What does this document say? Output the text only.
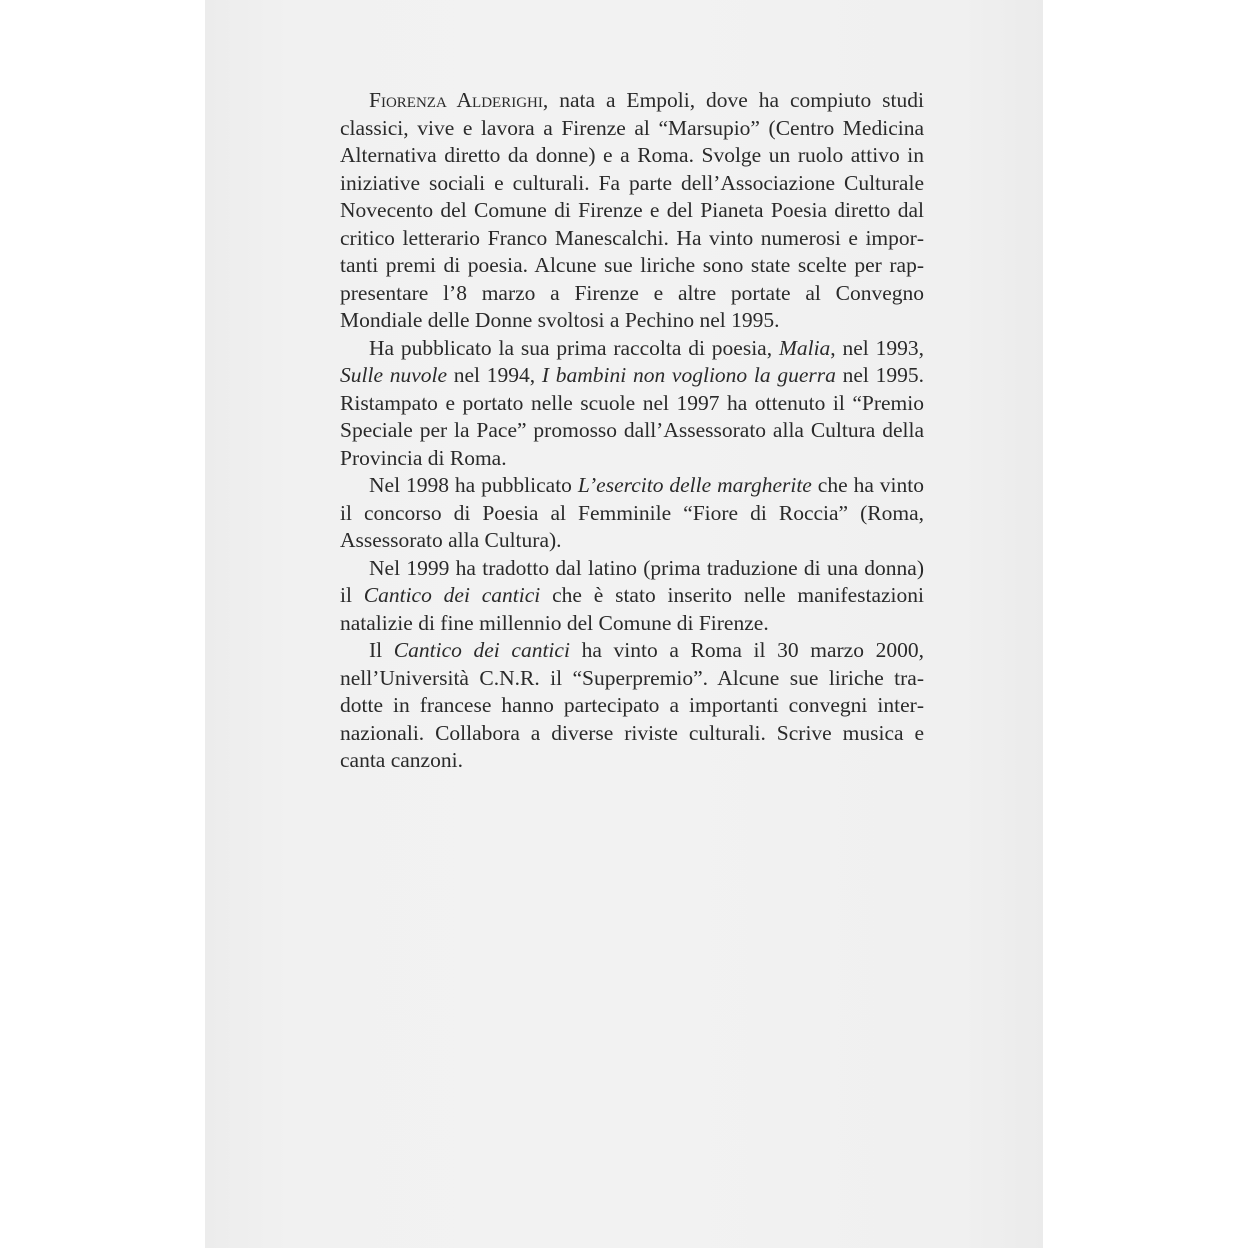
Fiorenza Alderighi, nata a Empoli, dove ha compiuto studi classici, vive e lavora a Firenze al “Marsupio” (Centro Medicina Alternativa diretto da donne) e a Roma. Svolge un ruolo attivo in iniziative sociali e culturali. Fa parte dell’Associazione Culturale Novecento del Comune di Firenze e del Pianeta Poesia diretto dal critico letterario Franco Manescalchi. Ha vinto numerosi e importanti premi di poesia. Alcune sue liriche sono state scelte per rappresentare l’8 marzo a Firenze e altre portate al Convegno Mondiale delle Donne svoltosi a Pechino nel 1995.

Ha pubblicato la sua prima raccolta di poesia, Malia, nel 1993, Sulle nuvole nel 1994, I bambini non vogliono la guerra nel 1995. Ristampato e portato nelle scuole nel 1997 ha ottenuto il “Premio Speciale per la Pace” promosso dall’Assessorato alla Cultura della Provincia di Roma.

Nel 1998 ha pubblicato L’esercito delle margherite che ha vinto il concorso di Poesia al Femminile “Fiore di Roccia” (Roma, Assessorato alla Cultura).

Nel 1999 ha tradotto dal latino (prima traduzione di una donna) il Cantico dei cantici che è stato inserito nelle manifestazioni natalizie di fine millennio del Comune di Firenze.

Il Cantico dei cantici ha vinto a Roma il 30 marzo 2000, nell’Università C.N.R. il “Superpremio”. Alcune sue liriche tradotte in francese hanno partecipato a importanti convegni internazionali. Collabora a diverse riviste culturali. Scrive musica e canta canzoni.
